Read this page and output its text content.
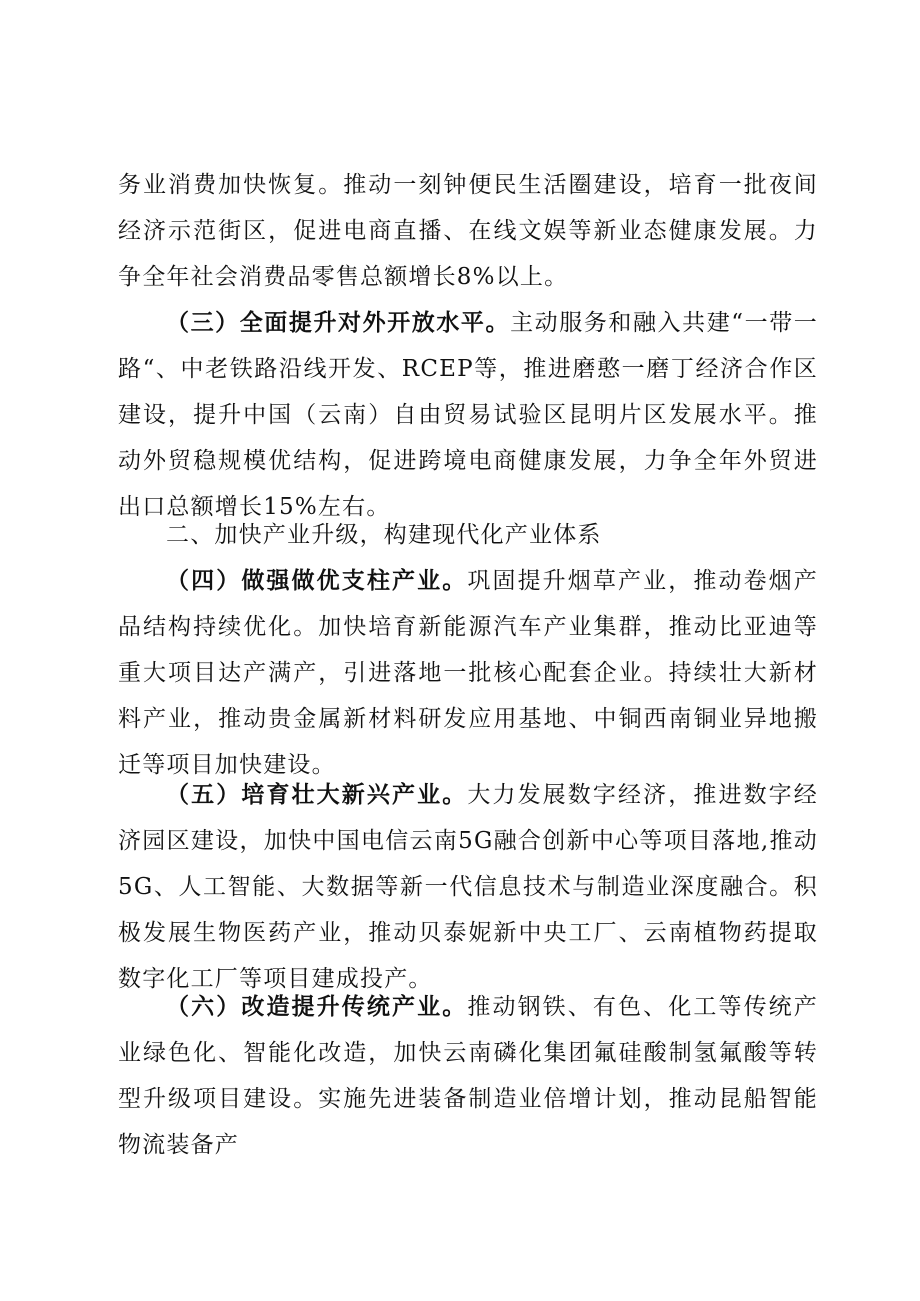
务业消费加快恢复。推动一刻钟便民生活圈建设，培育一批夜间经济示范街区，促进电商直播、在线文娱等新业态健康发展。力争全年社会消费品零售总额增长8%以上。

（三）全面提升对外开放水平。主动服务和融入共建“一带一路“、中老铁路沿线开发、RCEP等，推进磨憨一磨丁经济合作区建设，提升中国（云南）自由贸易试验区昆明片区发展水平。推动外贸稳规模优结构，促进跨境电商健康发展，力争全年外贸进出口总额增长15%左右。

二、加快产业升级，构建现代化产业体系

（四）做强做优支柱产业。巩固提升烟草产业，推动卷烟产品结构持续优化。加快培育新能源汽车产业集群，推动比亚迪等重大项目达产满产，引进落地一批核心配套企业。持续壮大新材料产业，推动贵金属新材料研发应用基地、中铜西南铜业异地搬迁等项目加快建设。

（五）培育壮大新兴产业。大力发展数字经济，推进数字经济园区建设，加快中国电信云南5G融合创新中心等项目落地,推动5G、人工智能、大数据等新一代信息技术与制造业深度融合。积极发展生物医药产业，推动贝泰妮新中央工厂、云南植物药提取数字化工厂等项目建成投产。

（六）改造提升传统产业。推动钢铁、有色、化工等传统产业绿色化、智能化改造，加快云南磷化集团氟硅酸制氢氟酸等转型升级项目建设。实施先进装备制造业倍增计划，推动昆船智能物流装备产
